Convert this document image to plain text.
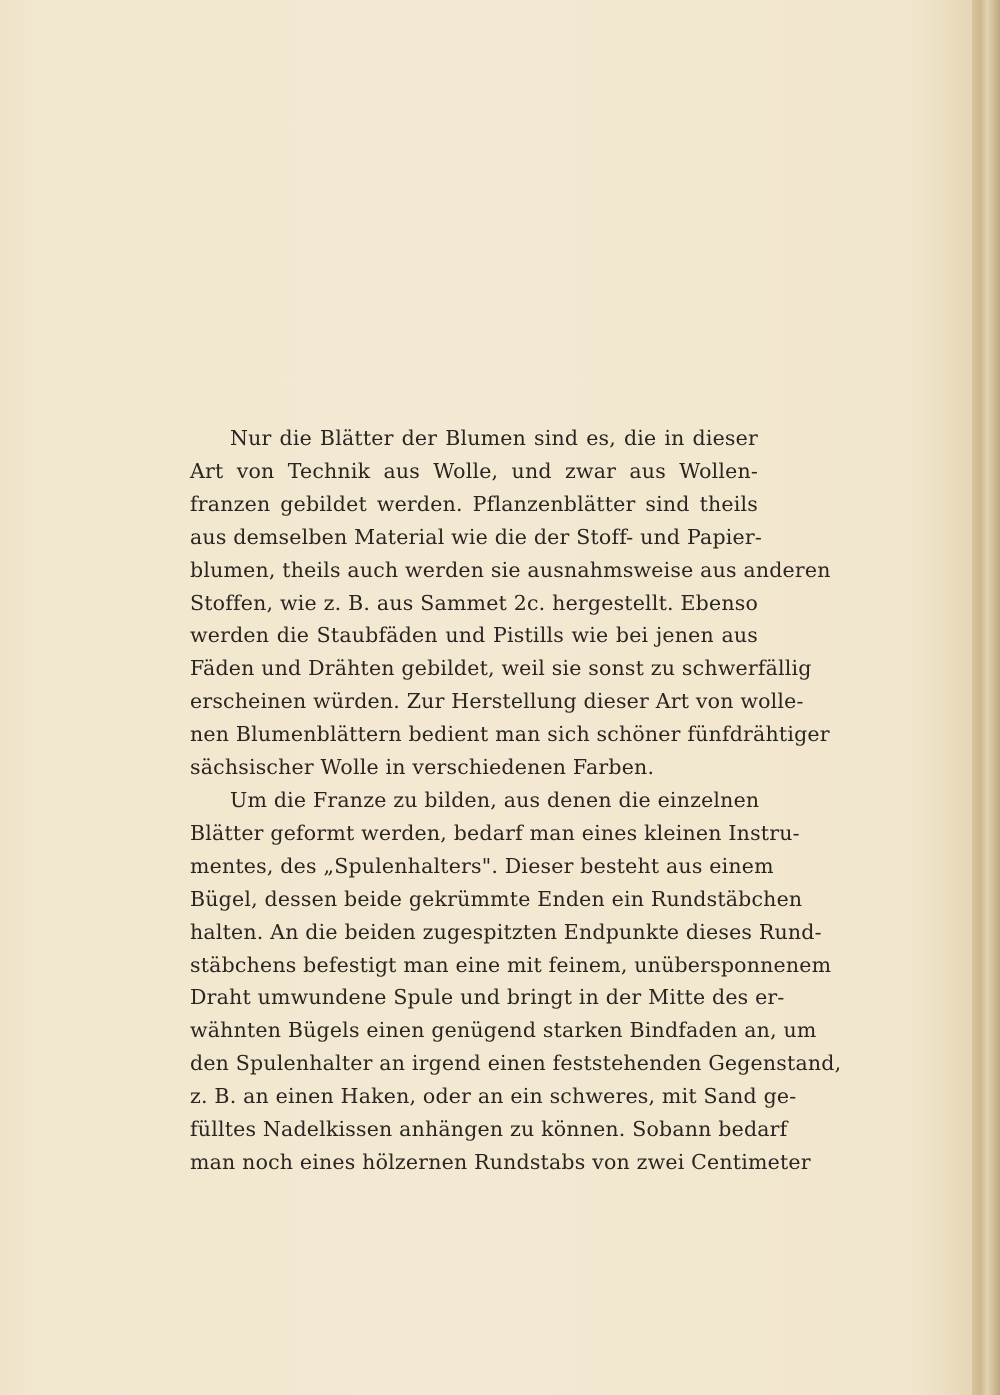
Nur die Blätter der Blumen sind es, die in dieser
Art von Technik aus Wolle, und zwar aus Wollen-
franzen gebildet werden. Pflanzenblätter sind theils
aus demselben Material wie die der Stoff- und Papier-
blumen, theils auch werden sie ausnahmsweise aus anderen
Stoffen, wie z. B. aus Sammet 2c. hergestellt. Ebenso
werden die Staubfäden und Pistills wie bei jenen aus
Fäden und Drähten gebildet, weil sie sonst zu schwerfällig
erscheinen würden. Zur Herstellung dieser Art von wolle-
nen Blumenblättern bedient man sich schöner fünfdrähtiger
sächsischer Wolle in verschiedenen Farben.
Um die Franze zu bilden, aus denen die einzelnen
Blätter geformt werden, bedarf man eines kleinen Instru-
mentes, des „Spulenhalters". Dieser besteht aus einem
Bügel, dessen beide gekrümmte Enden ein Rundstäbchen
halten. An die beiden zugespitzten Endpunkte dieses Rund-
stäbchens befestigt man eine mit feinem, unübersponnenem
Draht umwundene Spule und bringt in der Mitte des er-
wähnten Bügels einen genügend starken Bindfaden an, um
den Spulenhalter an irgend einen feststehenden Gegenstand,
z. B. an einen Haken, oder an ein schweres, mit Sand ge-
fülltes Nadelkissen anhängen zu können. Sobann bedarf
man noch eines hölzernen Rundstabs von zwei Centimeter
